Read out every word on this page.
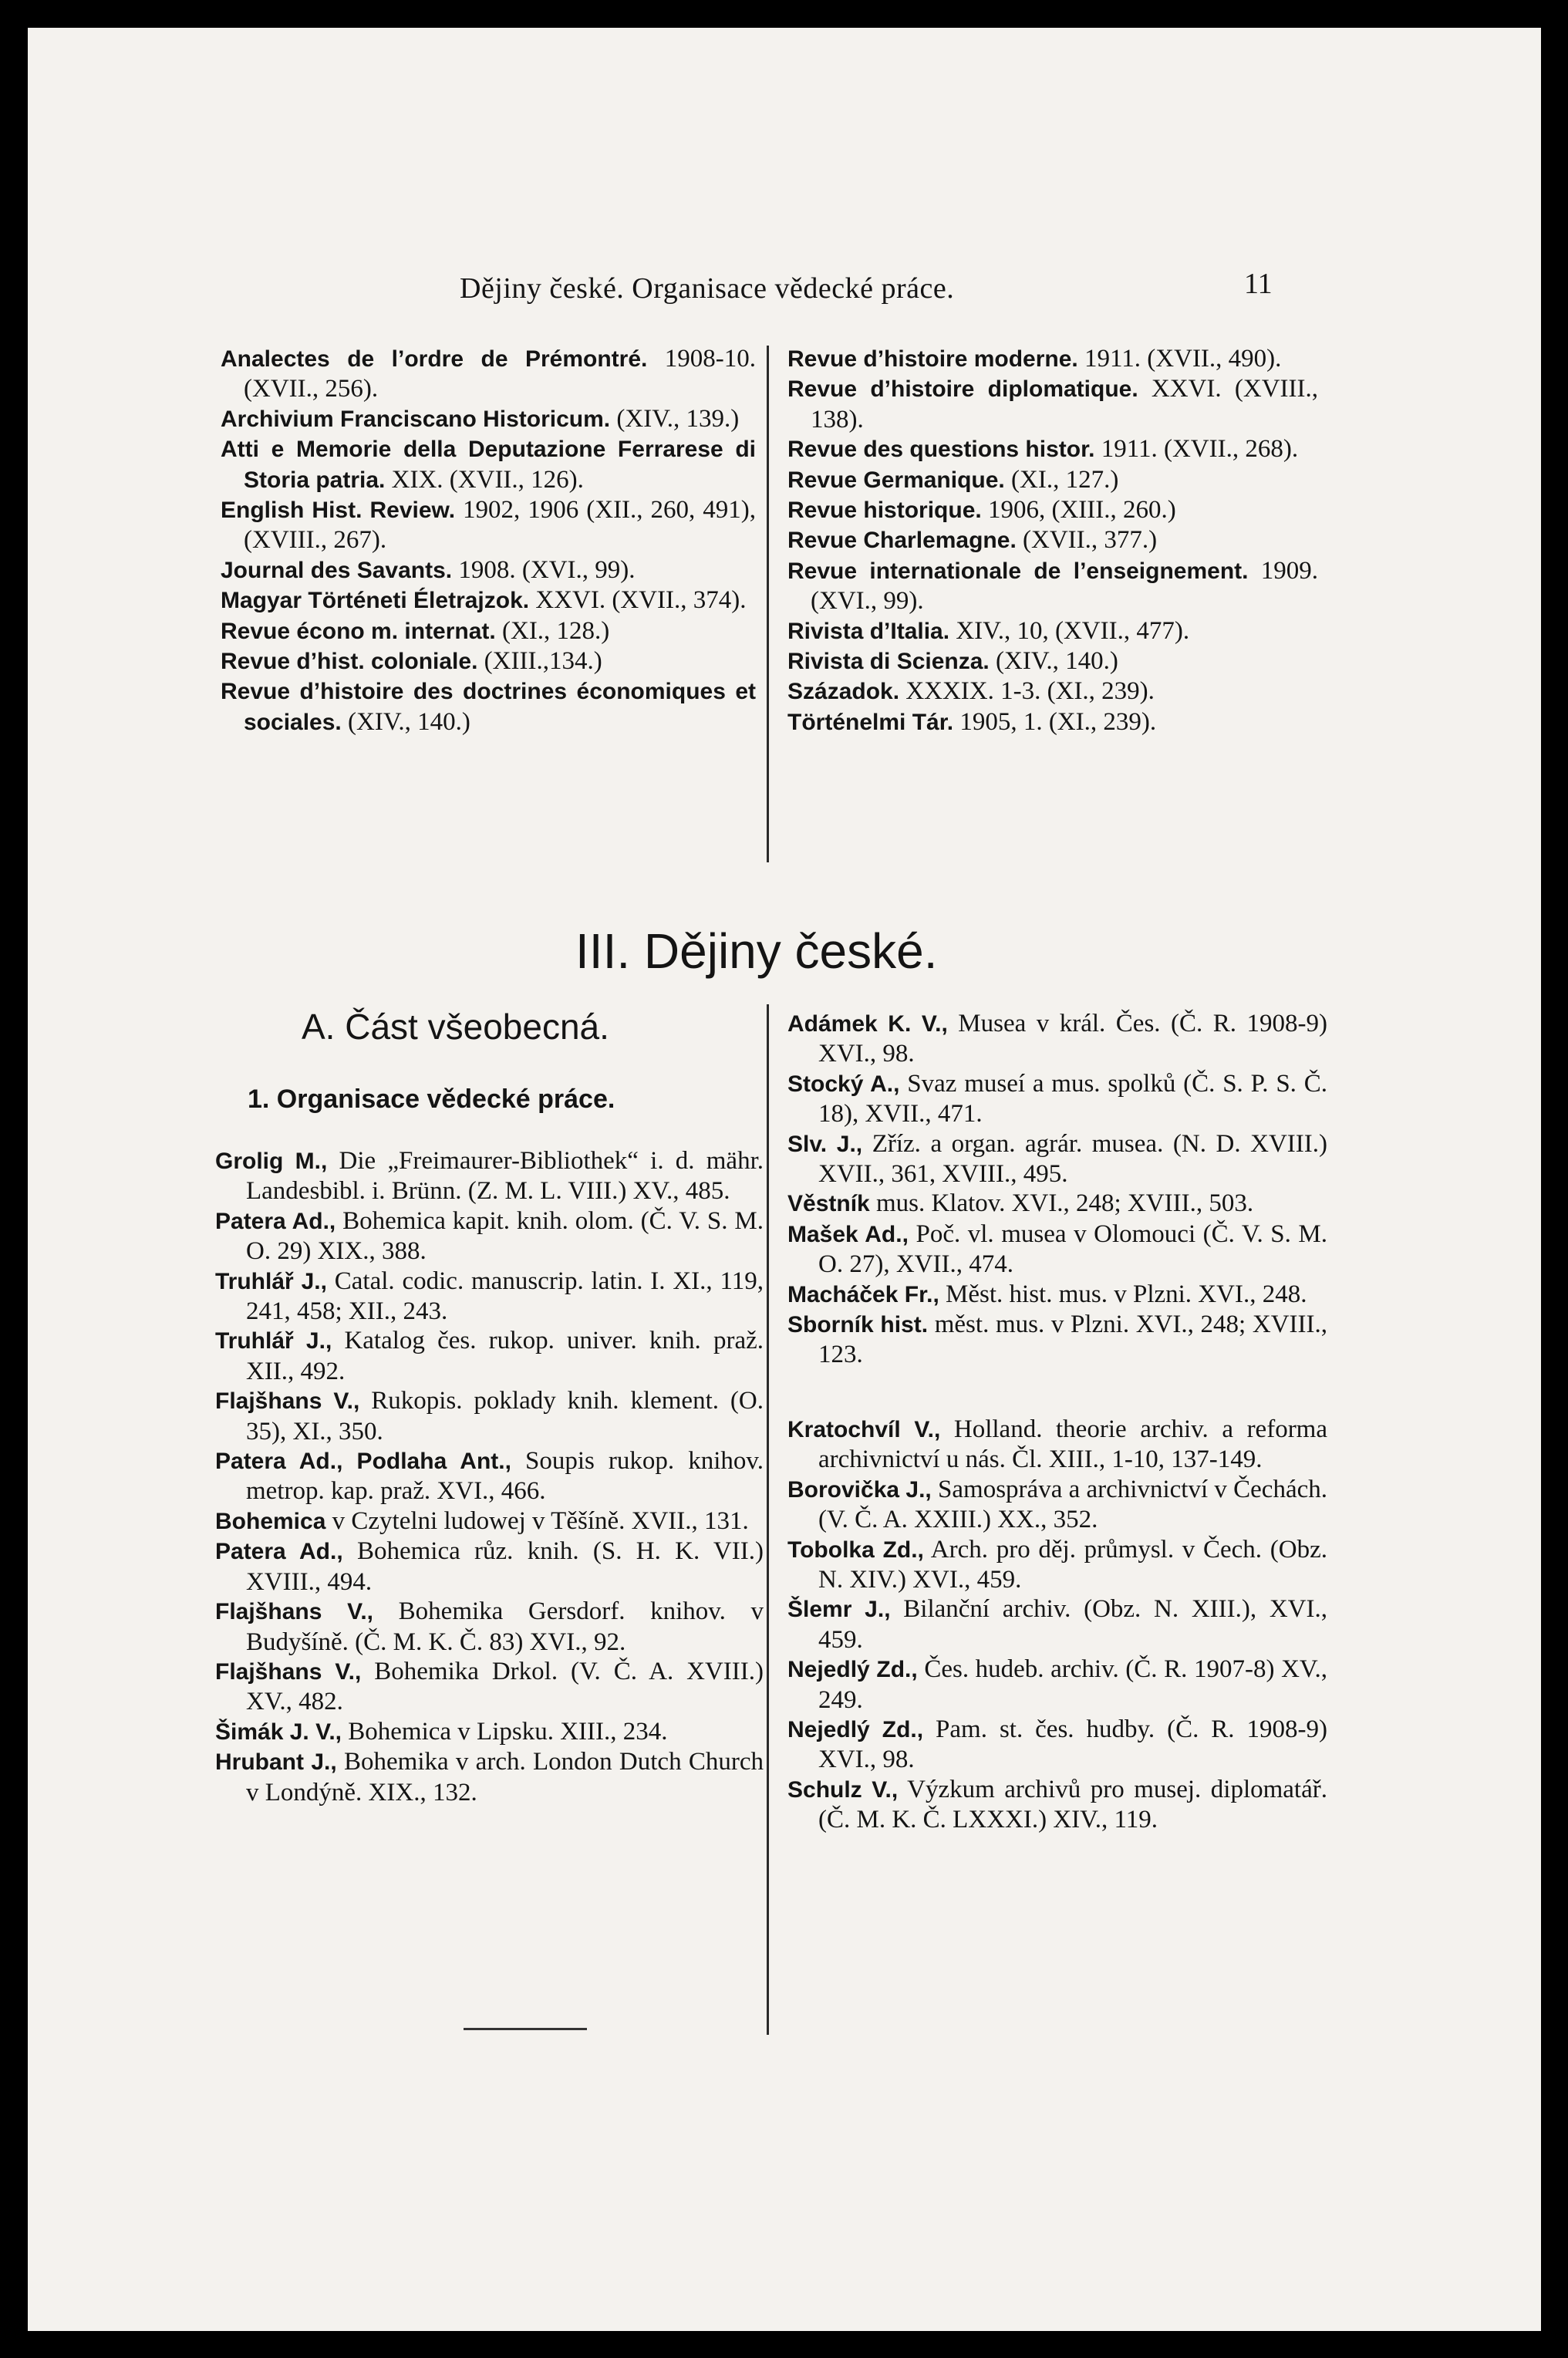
Dějiny české. Organisace vědecké práce.	11
Analectes de l’ordre de Prémontré. 1908-10. (XVII., 256).
Archivium Franciscano Historicum. (XIV., 139.)
Atti e Memorie della Deputazione Ferrarese di Storia patria. XIX. (XVII., 126).
English Hist. Review. 1902, 1906 (XII., 260, 491), (XVIII., 267).
Journal des Savants. 1908. (XVI., 99).
Magyar Történeti Életrajzok. XXVI. (XVII., 374).
Revue écono m. internat. (XI., 128.)
Revue d’hist. coloniale. (XIII.,134.)
Revue d’histoire des doctrines économiques et sociales. (XIV., 140.)
Revue d’histoire moderne. 1911. (XVII., 490).
Revue d’histoire diplomatique. XXVI. (XVIII., 138).
Revue des questions histor. 1911. (XVII., 268).
Revue Germanique. (XI., 127.)
Revue historique. 1906, (XIII., 260.)
Revue Charlemagne. (XVII., 377.)
Revue internationale de l’enseignement. 1909. (XVI., 99).
Rivista d’Italia. XIV., 10, (XVII., 477).
Rivista di Scienza. (XIV., 140.)
Századok. XXXIX. 1-3. (XI., 239).
Történelmi Tár. 1905, 1. (XI., 239).
III. Dějiny české.
A. Část všeobecná.
1. Organisace vědecké práce.
Grolig M., Die „Freimaurer-Bibliothek“ i. d. mähr. Landesbibl. i. Brünn. (Z. M. L. VIII.) XV., 485.
Patera Ad., Bohemica kapit. knih. olom. (Č. V. S. M. O. 29) XIX., 388.
Truhlář J., Catal. codic. manuscrip. latin. I. XI., 119, 241, 458; XII., 243.
Truhlář J., Katalog čes. rukop. univer. knih. praž. XII., 492.
Flajšhans V., Rukopis. poklady knih. klement. (O. 35), XI., 350.
Patera Ad., Podlaha Ant., Soupis rukop. knihov. metrop. kap. praž. XVI., 466.
Bohemica v Czytelni ludowej v Těšíně. XVII., 131.
Patera Ad., Bohemica růz. knih. (S. H. K. VII.) XVIII., 494.
Flajšhans V., Bohemika Gersdorf. knihov. v Budyšíně. (Č. M. K. Č. 83) XVI., 92.
Flajšhans V., Bohemika Drkol. (V. Č. A. XVIII.) XV., 482.
Šimák J. V., Bohemica v Lipsku. XIII., 234.
Hrubant J., Bohemika v arch. London Dutch Church v Londýně. XIX., 132.
Adámek K. V., Musea v král. Čes. (Č. R. 1908-9) XVI., 98.
Stocký A., Svaz museí a mus. spolků (Č. S. P. S. Č. 18), XVII., 471.
Slv. J., Zříz. a organ. agrár. musea. (N. D. XVIII.) XVII., 361, XVIII., 495.
Věstník mus. Klatov. XVI., 248; XVIII., 503.
Mašek Ad., Poč. vl. musea v Olomouci (Č. V. S. M. O. 27), XVII., 474.
Macháček Fr., Měst. hist. mus. v Plzni. XVI., 248.
Sborník hist. měst. mus. v Plzni. XVI., 248; XVIII., 123.
Kratochvíl V., Holland. theorie archiv. a reforma archivnictví u nás. Čl. XIII., 1-10, 137-149.
Borovička J., Samospráva a archivnictví v Čechách. (V. Č. A. XXIII.) XX., 352.
Tobolka Zd., Arch. pro děj. průmysl. v Čech. (Obz. N. XIV.) XVI., 459.
Šlemr J., Bilanční archiv. (Obz. N. XIII.), XVI., 459.
Nejedlý Zd., Čes. hudeb. archiv. (Č. R. 1907-8) XV., 249.
Nejedlý Zd., Pam. st. čes. hudby. (Č. R. 1908-9) XVI., 98.
Schulz V., Výzkum archivů pro musej. diplomatář. (Č. M. K. Č. LXXXI.) XIV., 119.
